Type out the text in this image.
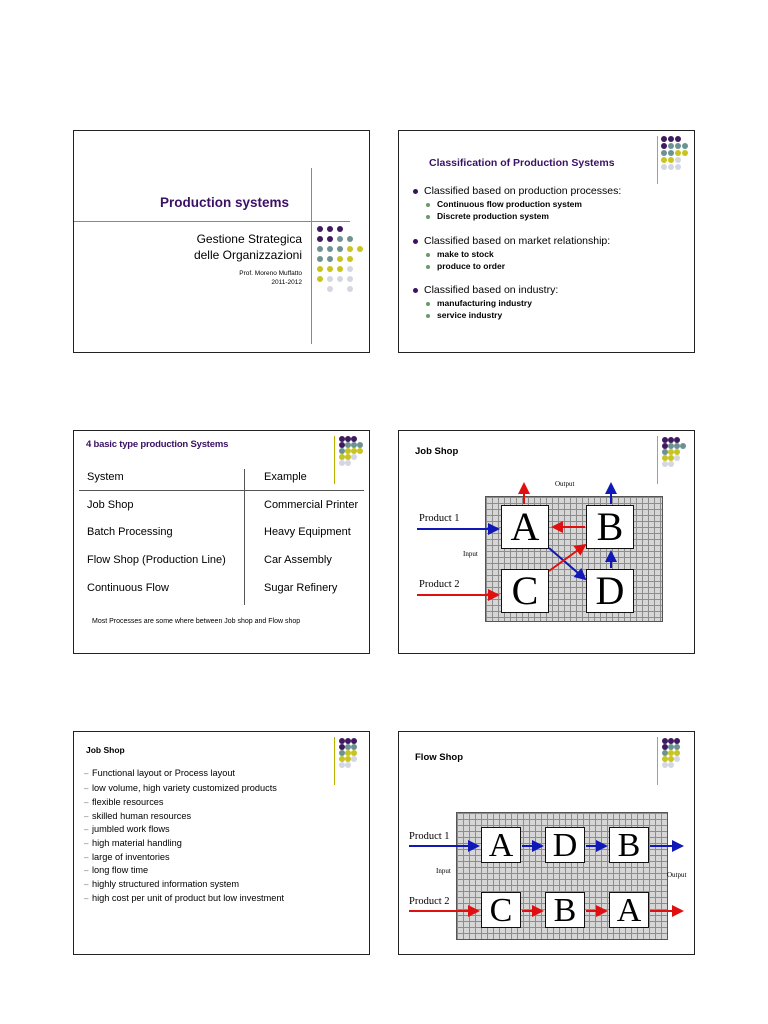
Production systems
Gestione Strategica
delle Organizzazioni
Prof. Moreno Muffatto
2011-2012
Classification of Production Systems
Classified based on production processes:
Continuous flow production system
Discrete production system
Classified based on market relationship:
make to stock
produce to order
Classified based on industry:
manufacturing industry
service industry
4 basic type production Systems
System	Example
Job Shop	Commercial Printer
Batch Processing	Heavy Equipment
Flow Shop (Production Line)	Car Assembly
Continuous Flow	Sugar Refinery
Most Processes are some where between Job shop and Flow shop
Job Shop
A B
C D
Output
Input
Product 1
Product 2
Job Shop
– Functional layout or Process layout
– low volume, high variety customized products
– flexible resources
– skilled human resources
– jumbled work flows
– high material handling
– large of inventories
– long flow time
– highly structured information system
– high cost per unit of product but low investment
Flow Shop
A D B
C B A
Product 1
Product 2
Input	Output
